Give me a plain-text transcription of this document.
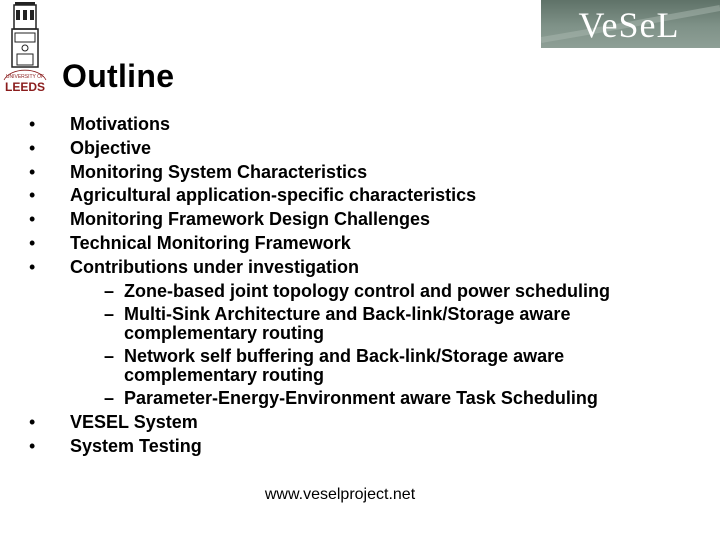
UNIVERSITY OF
LEEDS
VeSeL
Outline
• Motivations
• Objective
• Monitoring System Characteristics
• Agricultural application-specific characteristics
• Monitoring Framework Design Challenges
• Technical Monitoring Framework
• Contributions under investigation
– Zone-based joint topology control and power scheduling
– Multi-Sink Architecture and Back-link/Storage aware complementary routing
– Network self buffering and Back-link/Storage aware complementary routing
– Parameter-Energy-Environment aware Task Scheduling
• VESEL System
• System Testing
www.veselproject.net
